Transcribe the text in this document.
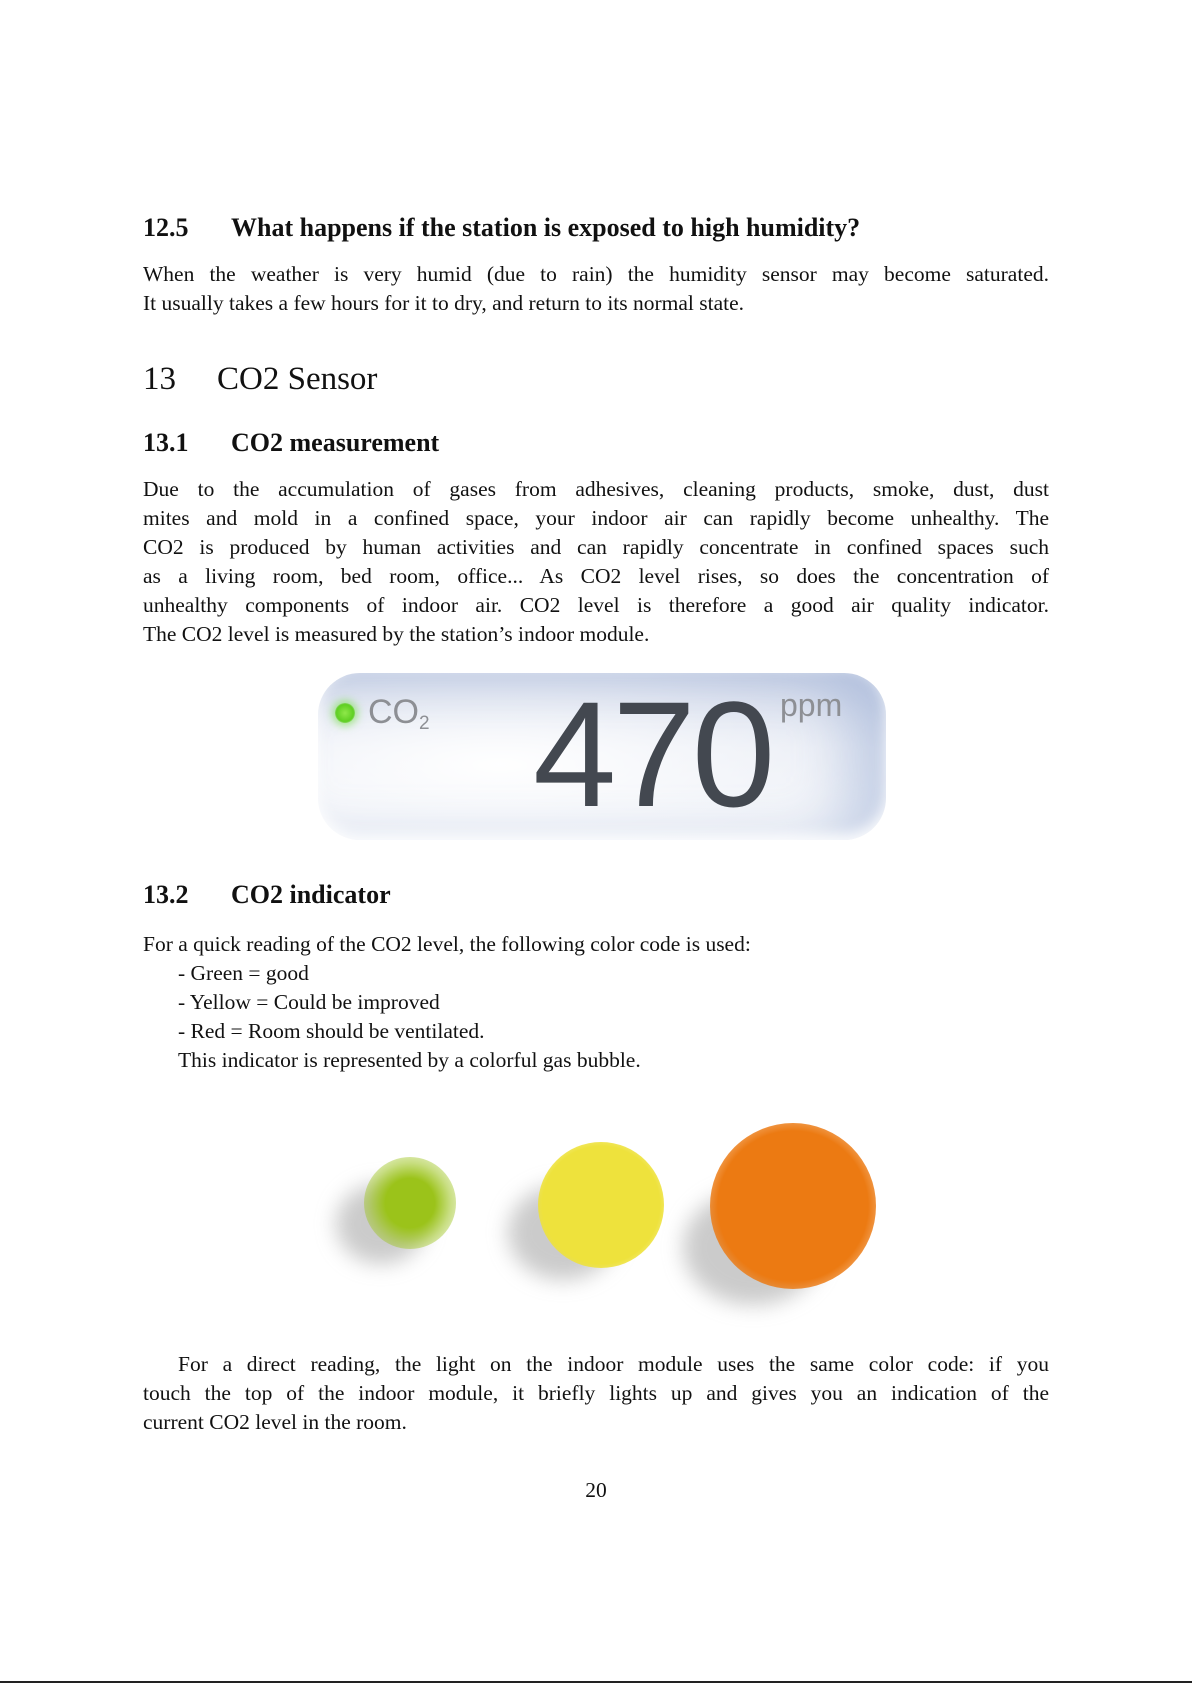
12.5 What happens if the station is exposed to high humidity?
When the weather is very humid (due to rain) the humidity sensor may become saturated.
It usually takes a few hours for it to dry, and return to its normal state.
13 CO2 Sensor
13.1 CO2 measurement
Due to the accumulation of gases from adhesives, cleaning products, smoke, dust, dust
mites and mold in a confined space, your indoor air can rapidly become unhealthy. The
CO2 is produced by human activities and can rapidly concentrate in confined spaces such
as a living room, bed room, office... As CO2 level rises, so does the concentration of
unhealthy components of indoor air. CO2 level is therefore a good air quality indicator.
The CO2 level is measured by the station’s indoor module.
$CO_2$ 470 ppm
13.2 CO2 indicator
For a quick reading of the CO2 level, the following color code is used:
- Green = good
- Yellow = Could be improved
- Red = Room should be ventilated.
This indicator is represented by a colorful gas bubble.
For a direct reading, the light on the indoor module uses the same color code: if you
touch the top of the indoor module, it briefly lights up and gives you an indication of the
current CO2 level in the room.
20
